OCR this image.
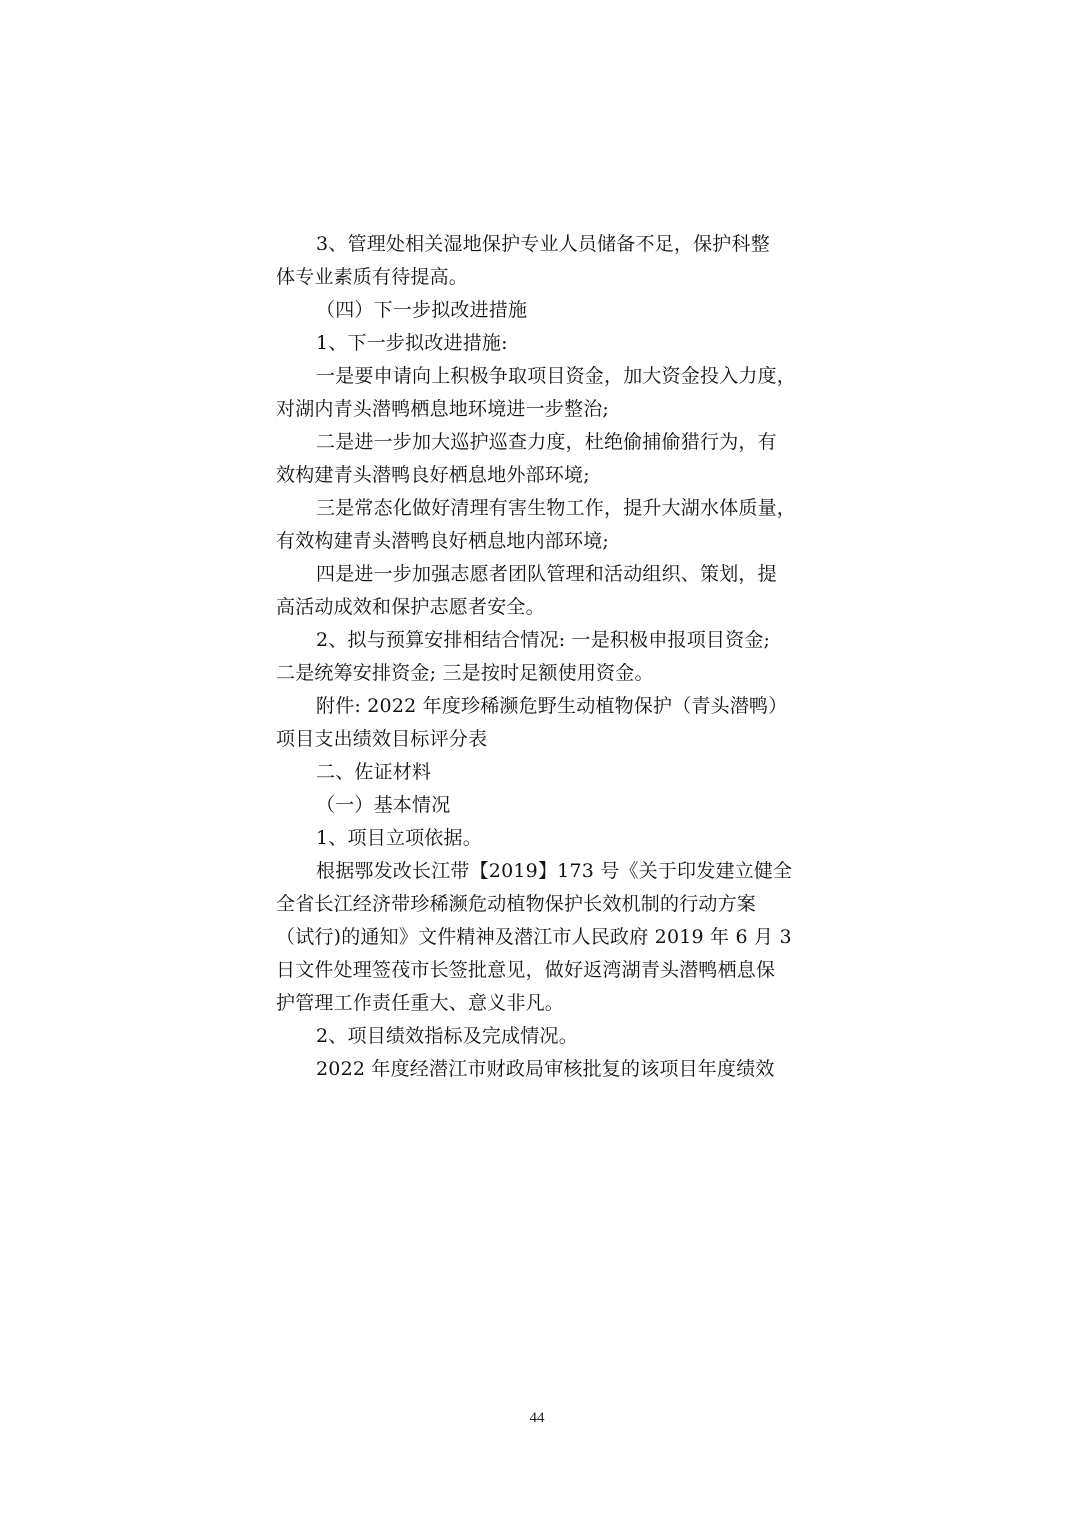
3、管理处相关湿地保护专业人员储备不足，保护科整
体专业素质有待提高。
（四）下一步拟改进措施
1、下一步拟改进措施:
一是要申请向上积极争取项目资金，加大资金投入力度，
对湖内青头潜鸭栖息地环境进一步整治;
二是进一步加大巡护巡查力度，杜绝偷捕偷猎行为，有
效构建青头潜鸭良好栖息地外部环境;
三是常态化做好清理有害生物工作，提升大湖水体质量，
有效构建青头潜鸭良好栖息地内部环境;
四是进一步加强志愿者团队管理和活动组织、策划，提
高活动成效和保护志愿者安全。
2、拟与预算安排相结合情况: 一是积极申报项目资金;
二是统筹安排资金; 三是按时足额使用资金。
附件: 2022 年度珍稀濒危野生动植物保护（青头潜鸭）
项目支出绩效目标评分表
二、佐证材料
（一）基本情况
1、项目立项依据。
根据鄂发改长江带【2019】173 号《关于印发建立健全
全省长江经济带珍稀濒危动植物保护长效机制的行动方案
（试行)的通知》文件精神及潜江市人民政府 2019 年 6 月 3
日文件处理签茷市长签批意见，做好返湾湖青头潜鸭栖息保
护管理工作责任重大、意义非凡。
2、项目绩效指标及完成情况。
2022 年度经潜江市财政局审核批复的该项目年度绩效
44
